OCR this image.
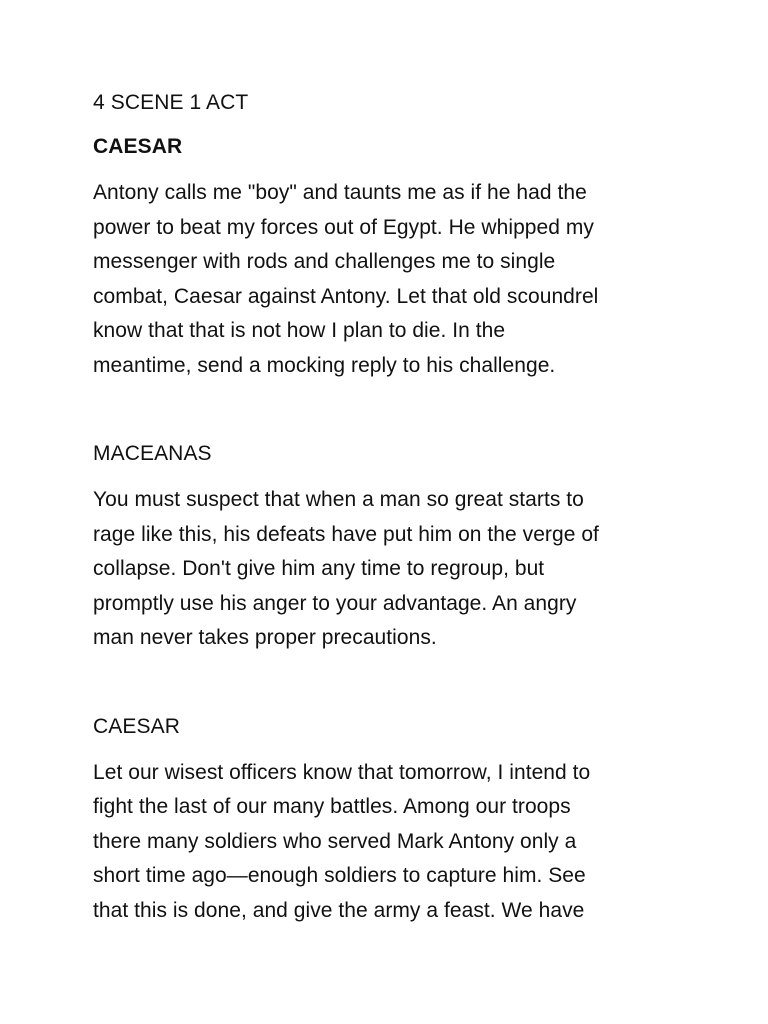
4 SCENE 1 ACT
CAESAR
Antony calls me "boy" and taunts me as if he had the
power to beat my forces out of Egypt. He whipped my
messenger with rods and challenges me to single
combat, Caesar against Antony. Let that old scoundrel
know that that is not how I plan to die. In the
meantime, send a mocking reply to his challenge.
MACEANAS
You must suspect that when a man so great starts to
rage like this, his defeats have put him on the verge of
collapse. Don't give him any time to regroup, but
promptly use his anger to your advantage. An angry
man never takes proper precautions.
CAESAR
Let our wisest officers know that tomorrow, I intend to
fight the last of our many battles. Among our troops
there many soldiers who served Mark Antony only a
short time ago—enough soldiers to capture him. See
that this is done, and give the army a feast. We have
